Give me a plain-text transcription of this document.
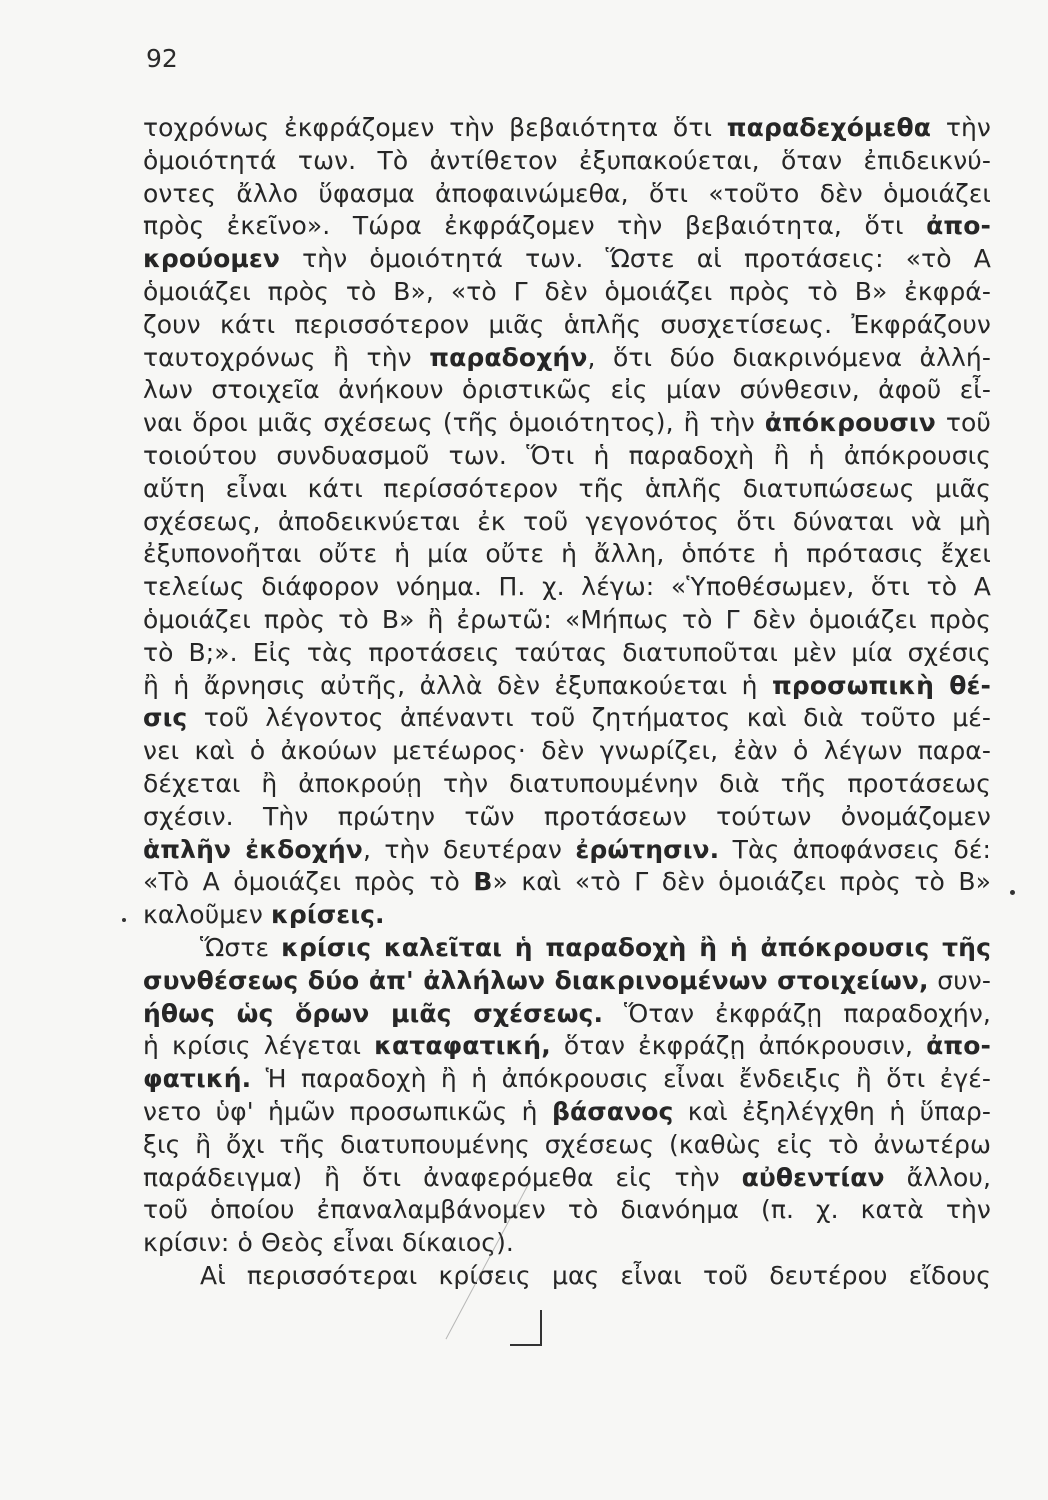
92
τοχρόνως ἐκφράζομεν τὴν βεβαιότητα ὅτι παραδεχόμεθα τὴν
ὁμοιότητά των. Τὸ ἀντίθετον ἐξυπακούεται, ὅταν ἐπιδεικνύ-
οντες ἄλλο ὕφασμα ἀποφαινώμεθα, ὅτι «τοῦτο δὲν ὁμοιάζει
πρὸς ἐκεῖνο». Τώρα ἐκφράζομεν τὴν βεβαιότητα, ὅτι ἀπο-
κρούομεν τὴν ὁμοιότητά των. Ὥστε αἱ προτάσεις: «τὸ Α
ὁμοιάζει πρὸς τὸ Β», «τὸ Γ δὲν ὁμοιάζει πρὸς τὸ Β» ἐκφρά-
ζουν κάτι περισσότερον μιᾶς ἁπλῆς συσχετίσεως. Ἐκφράζουν
ταυτοχρόνως ἢ τὴν παραδοχήν, ὅτι δύο διακρινόμενα ἀλλή-
λων στοιχεῖα ἀνήκουν ὁριστικῶς εἰς μίαν σύνθεσιν, ἀφοῦ εἶ-
ναι ὅροι μιᾶς σχέσεως (τῆς ὁμοιότητος), ἢ τὴν ἀπόκρουσιν τοῦ
τοιούτου συνδυασμοῦ των. Ὅτι ἡ παραδοχὴ ἢ ἡ ἀπόκρουσις
αὕτη εἶναι κάτι περίσσότερον τῆς ἁπλῆς διατυπώσεως μιᾶς
σχέσεως, ἀποδεικνύεται ἐκ τοῦ γεγονότος ὅτι δύναται νὰ μὴ
ἐξυπονοῆται οὔτε ἡ μία οὔτε ἡ ἄλλη, ὁπότε ἡ πρότασις ἔχει
τελείως διάφορον νόημα. Π. χ. λέγω: «Ὑποθέσωμεν, ὅτι τὸ Α
ὁμοιάζει πρὸς τὸ Β» ἢ ἐρωτῶ: «Μήπως τὸ Γ δὲν ὁμοιάζει πρὸς
τὸ Β;». Εἰς τὰς προτάσεις ταύτας διατυποῦται μὲν μία σχέσις
ἢ ἡ ἄρνησις αὐτῆς, ἀλλὰ δὲν ἐξυπακούεται ἡ προσωπικὴ θέ-
σις τοῦ λέγοντος ἀπέναντι τοῦ ζητήματος καὶ διὰ τοῦτο μέ-
νει καὶ ὁ ἀκούων μετέωρος· δὲν γνωρίζει, ἐὰν ὁ λέγων παρα-
δέχεται ἢ ἀποκρούῃ τὴν διατυπουμένην διὰ τῆς προτάσεως
σχέσιν. Τὴν πρώτην τῶν προτάσεων τούτων ὀνομάζομεν
ἁπλῆν ἐκδοχήν, τὴν δευτέραν ἐρώτησιν. Τὰς ἀποφάνσεις δέ:
«Τὸ Α ὁμοιάζει πρὸς τὸ Β» καὶ «τὸ Γ δὲν ὁμοιάζει πρὸς τὸ Β»
καλοῦμεν κρίσεις.
Ὥστε κρίσις καλεῖται ἡ παραδοχὴ ἢ ἡ ἀπόκρουσις τῆς
συνθέσεως δύο ἀπ' ἀλλήλων διακρινομένων στοιχείων, συν-
ήθως ὡς ὅρων μιᾶς σχέσεως. Ὅταν ἐκφράζῃ παραδοχήν,
ἡ κρίσις λέγεται καταφατική, ὅταν ἐκφράζῃ ἀπόκρουσιν, ἀπο-
φατική. Ἡ παραδοχὴ ἢ ἡ ἀπόκρουσις εἶναι ἔνδειξις ἢ ὅτι ἐγέ-
νετο ὑφ' ἡμῶν προσωπικῶς ἡ βάσανος καὶ ἐξηλέγχθη ἡ ὕπαρ-
ξις ἢ ὄχι τῆς διατυπουμένης σχέσεως (καθὼς εἰς τὸ ἀνωτέρω
παράδειγμα) ἢ ὅτι ἀναφερόμεθα εἰς τὴν αὐθεντίαν ἄλλου,
τοῦ ὁποίου ἐπαναλαμβάνομεν τὸ διανόημα (π. χ. κατὰ τὴν
κρίσιν: ὁ Θεὸς εἶναι δίκαιος).
Αἱ περισσότεραι κρίσεις μας εἶναι τοῦ δευτέρου εἴδους
